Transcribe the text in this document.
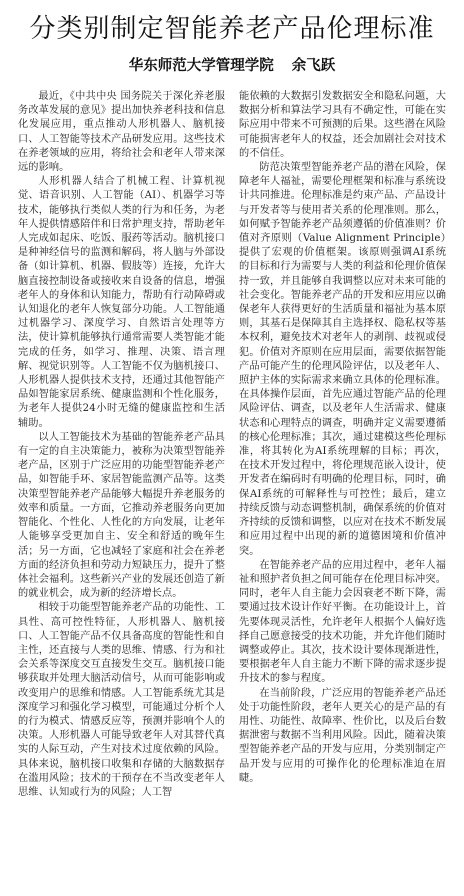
分类别制定智能养老产品伦理标准
华东师范大学管理学院 余飞跃

最近，《中共中央 国务院关于深化养老服务改革发展的意见》提出加快养老科技和信息化发展应用，重点推动人形机器人、脑机接口、人工智能等技术产品研发应用。这些技术在养老领域的应用，将给社会和老年人带来深远的影响。

人形机器人结合了机械工程、计算机视觉、语音识别、人工智能（AI）、机器学习等技术，能够执行类似人类的行为和任务，为老年人提供情感陪伴和日常护理支持，帮助老年人完成如起床、吃饭、服药等活动。脑机接口是种神经信号的监测和解码，将人脑与外部设备（如计算机、机器、假肢等）连接，允许大脑直接控制设备或接收来自设备的信息，增强老年人的身体和认知能力，帮助有行动障碍或认知退化的老年人恢复部分功能。人工智能通过机器学习、深度学习、自然语言处理等方法，使计算机能够执行通常需要人类智能才能完成的任务，如学习、推理、决策、语言理解、视觉识别等。人工智能不仅为脑机接口、人形机器人提供技术支持，还通过其他智能产品如智能家居系统、健康监测和个性化服务，为老年人提供24小时无缝的健康监控和生活辅助。

以人工智能技术为基础的智能养老产品具有一定的自主决策能力，被称为决策型智能养老产品，区别于广泛应用的功能型智能养老产品，如智能手环、家居智能监测产品等。这类决策型智能养老产品能够大幅提升养老服务的效率和质量。一方面，它推动养老服务向更加智能化、个性化、人性化的方向发展，让老年人能够享受更加自主、安全和舒适的晚年生活；另一方面，它也减轻了家庭和社会在养老方面的经济负担和劳动力短缺压力，提升了整体社会福利。这些新兴产业的发展还创造了新的就业机会，成为新的经济增长点。

相较于功能型智能养老产品的功能性、工具性、高可控性特征，人形机器人、脑机接口、人工智能产品不仅具备高度的智能性和自主性，还直接与人类的思维、情感、行为和社会关系等深度交互直接发生交互。脑机接口能够获取并处理大脑活动信号，从而可能影响或改变用户的思维和情感。人工智能系统尤其是深度学习和强化学习模型，可能通过分析个人的行为模式、情感反应等，预测并影响个人的决策。人形机器人可能导致老年人对其替代真实的人际互动，产生对技术过度依赖的风险。具体来说，脑机接口收集和存储的大脑数据存在滥用风险；技术的干预存在不当改变老年人思维、认知或行为的风险；人工智

能依赖的大数据引发数据安全和隐私问题，大数据分析和算法学习具有不确定性，可能在实际应用中带来不可预测的后果。这些潜在风险可能损害老年人的权益，还会加剧社会对技术的不信任。

防范决策型智能养老产品的潜在风险，保障老年人福祉，需要伦理框架和标准与系统设计共同推进。伦理标准是约束产品、产品设计与开发者等与使用者关系的伦理准则。那么，如何赋予智能养老产品须遵循的价值准则？价值对齐原则（Value Alignment Principle）提供了宏观的价值框架。该原则强调AI系统的目标和行为需要与人类的利益和伦理价值保持一致，并且能够自我调整以应对未来可能的社会变化。智能养老产品的开发和应用应以确保老年人获得更好的生活质量和福祉为基本原则，其基石是保障其自主选择权、隐私权等基本权利，避免技术对老年人的剥削、歧视或侵犯。价值对齐原则在应用层面，需要依据智能产品可能产生的伦理风险评估，以及老年人、照护主体的实际需求来确立具体的伦理标准。在具体操作层面，首先应通过智能产品的伦理风险评估、调查，以及老年人生活需求、健康状态和心理特点的调查，明确并定义需要遵循的核心伦理标准；其次，通过建模这些伦理标准，将其转化为AI系统理解的目标；再次，在技术开发过程中，将伦理规范嵌入设计，使开发者在编码时有明确的伦理目标，同时，确保AI系统的可解释性与可控性；最后，建立持续反馈与动态调整机制，确保系统的价值对齐持续的反馈和调整，以应对在技术不断发展和应用过程中出现的新的道德困境和价值冲突。

在智能养老产品的应用过程中，老年人福祉和照护者负担之间可能存在伦理目标冲突。同时，老年人自主能力会因衰老不断下降，需要通过技术设计作好平衡。在功能设计上，首先要体现灵活性，允许老年人根据个人偏好选择自己愿意接受的技术功能，并允许他们随时调整或停止。其次，技术设计要体现渐进性，要根据老年人自主能力不断下降的需求逐步提升技术的参与程度。

在当前阶段，广泛应用的智能养老产品还处于功能性阶段，老年人更关心的是产品的有用性、功能性、故障率、性价比，以及后台数据泄密与数据不当利用风险。因此，随着决策型智能养老产品的开发与应用，分类别制定产品开发与应用的可操作化的伦理标准迫在眉睫。
